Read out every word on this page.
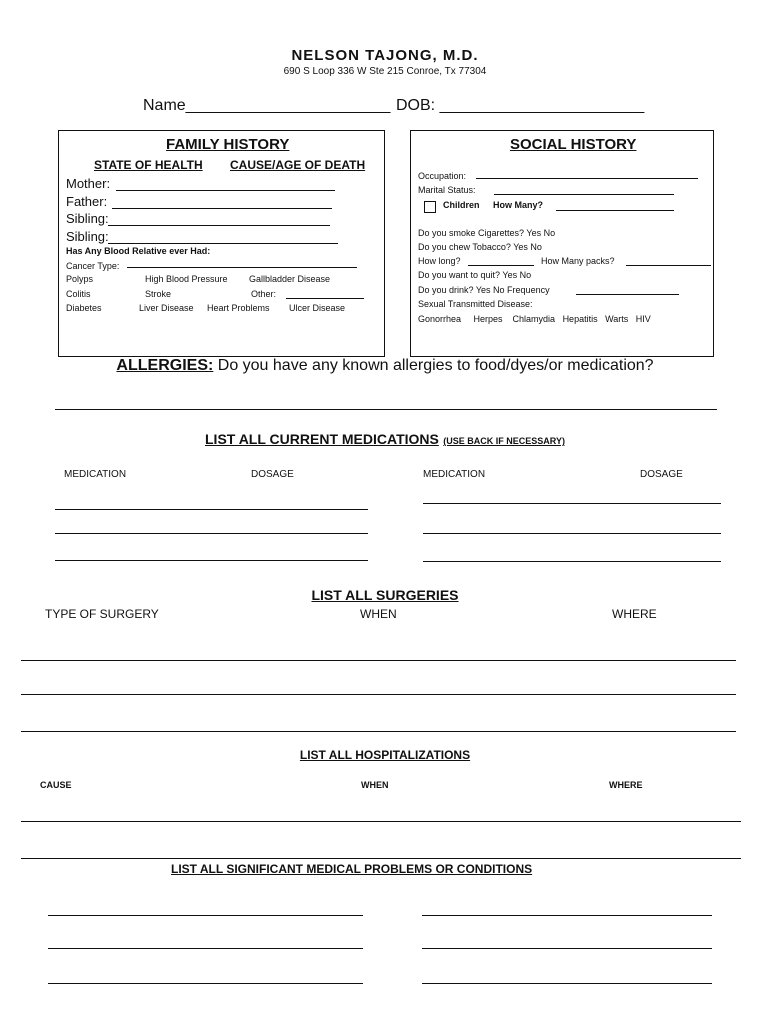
NELSON TAJONG, M.D.
690 S Loop 336 W Ste 215 Conroe, Tx 77304
Name_______________________ DOB: _______________________
FAMILY HISTORY
STATE OF HEALTH CAUSE/AGE OF DEATH
Mother:
Father:
Sibling:
Sibling:
Has Any Blood Relative ever Had:
Cancer Type:
Polyps	High Blood Pressure Gallbladder Disease
Colitis	Stroke	Other:
Diabetes	Liver Disease Heart Problems Ulcer Disease
SOCIAL HISTORY
Occupation:
Marital Status:
Children How Many?
Do you smoke Cigarettes? Yes No
Do you chew Tobacco? Yes No
How long?	How Many packs?
Do you want to quit? Yes No
Do you drink? Yes No Frequency
Sexual Transmitted Disease:
Gonorrhea     Herpes    Chlamydia   Hepatitis   Warts   HIV
ALLERGIES: Do you have any known allergies to food/dyes/or medication?
LIST ALL CURRENT MEDICATIONS (USE BACK IF NECESSARY)
MEDICATION	DOSAGE	MEDICATION	DOSAGE
LIST ALL SURGERIES
TYPE OF SURGERY	WHEN	WHERE
LIST ALL HOSPITALIZATIONS
CAUSE	WHEN	WHERE
LIST ALL SIGNIFICANT MEDICAL PROBLEMS OR CONDITIONS
